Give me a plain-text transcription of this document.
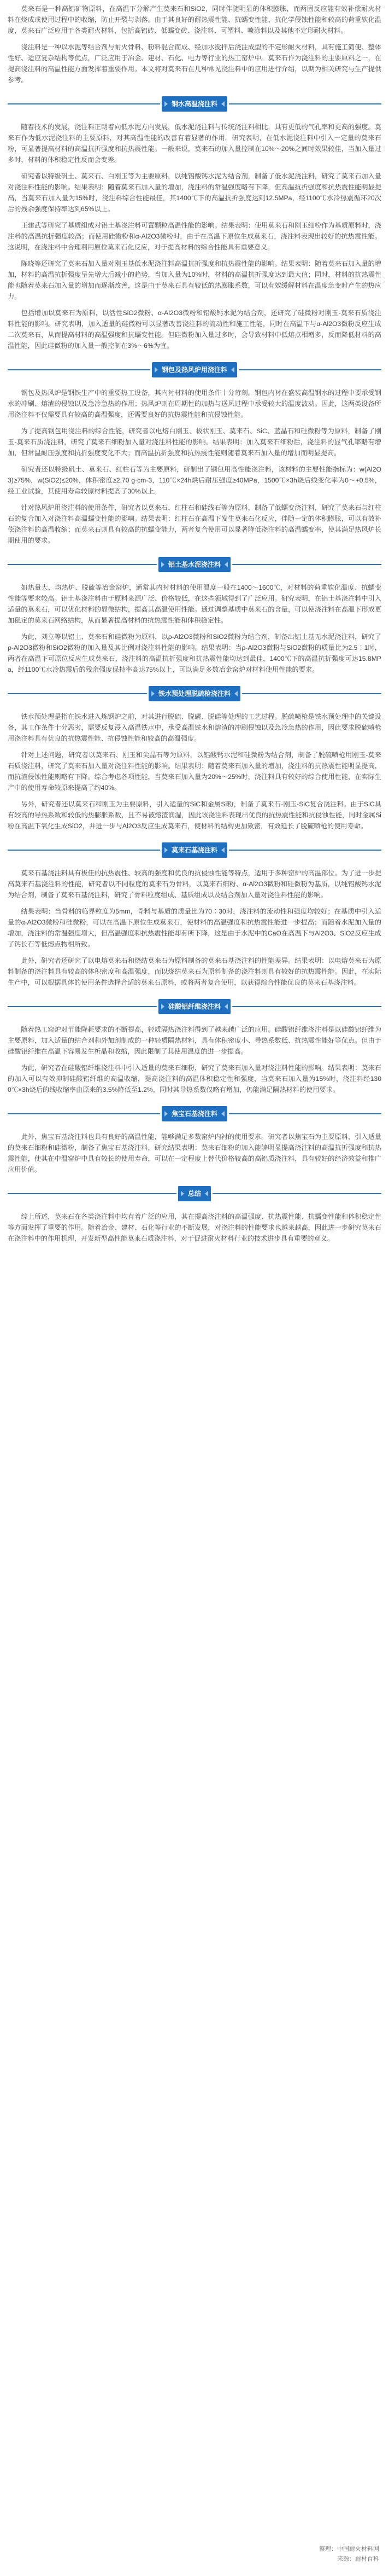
莫来石是一种高铝矿物原料，在高温下分解产生莫来石和SiO2，同时伴随明显的体积膨胀，而两固反应能有效补偿耐火材料在烧成或使用过程中的收缩，防止开裂与剥落。由于其良好的耐热震性能、抗蠕变性能、抗化学侵蚀性能和较高的荷重软化温度，莫来石广泛应用于各类耐火材料，包括高铝砖、低蠕变砖、浇注料、可塑料、喷涂料以及其他不定形耐火材料。

浇注料是一种以水泥等结合剂与耐火骨料、粉料混合而成、经加水搅拌后浇注成型的不定形耐火材料，具有施工简便、整体性好、适应复杂结构等优点，广泛应用于冶金、建材、石化、电力等行业的热工窑炉中。莫来石作为浇注料的主要原料之一，在提高浇注料的高温性能方面发挥着重要作用。本文将对莫来石在几种常见浇注料中的应用进行介绍，以期为相关研究与生产提供参考。

钢水高温浇注料

随着技术的发展，浇注料正朝着向低水泥方向发展，低水泥浇注料与传统浇注料相比，具有更低的气孔率和更高的强度。莫来石作为低水泥浇注料的主要原料，对其高温性能的改善有着显著的作用。研究表明，在低水泥浇注料中引入一定量的莫来石粉，可显著提高材料的高温抗折强度和抗热震性能。一般来说，莫来石的加入量控制在10%～20%之间时效果较佳，当加入量过多时，材料的体积稳定性反而会变差。

研究者以特级矾土、莫来石、白刚玉等为主要原料，以纯铝酸钙水泥为结合剂，制备了低水泥浇注料，研究了莫来石加入量对浇注料性能的影响。结果表明：随着莫来石加入量的增加，浇注料的常温强度略有下降，但高温抗折强度和抗热震性能明显提高，当莫来石加入量为15%时，浇注料综合性能最佳，其1400℃下的高温抗折强度达到12.5MPa，经1100℃水冷热震循环20次后的残余强度保持率达到65%以上。

王建武等研究了基质组成对铝土基浇注料可置颗粒高温性能的影响。结果表明：使用莫来石和刚玉细粉作为基质原料时，浇注料的高温抗折强度较高；而使用硅微粉和α-Al2O3微粉时，由于在高温下原位生成莫来石，浇注料表现出较好的抗热震性能。这说明，在浇注料中合理利用原位莫来石化反应，对于提高材料的综合性能具有重要意义。

陈晓等还研究了莫来石加入量对刚玉基低水泥浇注料高温抗折强度和抗热震性能的影响。结果表明：随着莫来石加入量的增加，材料的高温抗折强度呈先增大后减小的趋势，当加入量为10%时，材料的高温抗折强度达到最大值；同时，材料的抗热震性能也随着莫来石加入量的增加而逐渐改善，这是由于莫来石具有较低的热膨胀系数，可以有效缓解材料在温度急变时产生的热应力。

包括增加以莫来石为原料，以活性SiO2微粉、α-Al2O3微粉和铝酸钙水泥为结合剂，还研究了硅微粉对刚玉-莫来石质浇注料性能的影响。研究表明，加入适量的硅微粉可以显著改善浇注料的流动性和施工性能，同时在高温下与α-Al2O3微粉反应生成二次莫来石，从而提高材料的高温强度和抗蠕变性能。但硅微粉加入量过多时，会导致材料中低熔点相增多，反而降低材料的高温性能，因此硅微粉的加入量一般控制在3%～6%为宜。

钢包及热风炉用浇注料

钢包及热风炉是钢铁生产中的重要热工设备，其内衬材料的使用条件十分苛刻。钢包内衬在盛装高温钢水的过程中要承受钢水的冲刷、熔渣的侵蚀以及急冷急热的作用；热风炉则在周期性的加热与送风过程中承受较大的温度波动。因此，这两类设备所用浇注料不仅需要具有较高的高温强度，还需要良好的抗热震性能和抗侵蚀性能。

为了提高钢包用浇注料的综合性能，研究者以电熔白刚玉、板状刚玉、莫来石、SiC、蓝晶石和硅微粉等为原料，制备了刚玉-莫来石质浇注料，研究了莫来石细粉加入量对浇注料性能的影响。结果表明：加入莫来石细粉后，浇注料的显气孔率略有增加，但常温耐压强度和抗折强度变化不大；而高温抗折强度和抗热震性能则随着莫来石加入量的增加而明显提高。

研究者还以特级矾土、莫来石、红柱石等为主要原料，研制出了钢包用高性能浇注料，该材料的主要性能指标为：w(Al2O3)≥75%，w(SiO2)≤20%，体积密度≥2.70 g·cm-3，110℃×24h烘后耐压强度≥40MPa，1500℃×3h烧后线变化率为0～+0.5%，经工业试验，其使用寿命较原材料提高了30%以上。

针对热风炉用浇注料的使用条件，研究者以莫来石、红柱石和硅线石等为原料，制备了低蠕变浇注料，研究了莫来石与红柱石的复合加入对浇注料高温蠕变性能的影响。结果表明：红柱石在高温下发生莫来石化反应，伴随一定的体积膨胀，可以有效补偿浇注料的高温收缩；而莫来石则具有较高的抗蠕变能力，两者复合使用可以显著降低浇注料的高温蠕变率，使其满足热风炉长期使用的要求。

铝土基水泥浇注料

如热量大、均热炉、脱硫等冶金窑炉，通常其内衬材料的使用温度一般在1400～1600℃，对材料的荷重软化温度、抗蠕变性能等要求较高。铝土基浇注料由于原料来源广泛、价格较低，在这些领域得到了广泛应用。研究表明，在铝土基浇注料中引入适量的莫来石，可以优化材料的显微结构，提高其高温使用性能。通过调整基质中莫来石的含量，可以使浇注料在高温下形成更加稳定的莫来石网络结构，从而显著提高材料的抗热震性能和体积稳定性。

为此，刘立等以铝土、莫来石和硅微粉为原料，以ρ-Al2O3微粉和SiO2微粉为结合剂，制备出铝土基无水泥浇注料，研究了ρ-Al2O3微粉和SiO2微粉的加入量及其比例对浇注料性能的影响。结果表明：当ρ-Al2O3微粉与SiO2微粉的质量比为2.5∶1时，两者在高温下可原位反应生成莫来石，浇注料的高温抗折强度和抗热震性能均达到最佳，1400℃下的高温抗折强度可达15.8MPa，经1100℃水冷热震后的残余强度保持率高达75%以上，可以满足多数冶金窑炉对材料使用性能的要求。

铁水预处理脱硫枪浇注料

铁水预处理是指在铁水进入炼钢炉之前，对其进行脱硫、脱磷、脱硅等处理的工艺过程。脱硫喷枪是铁水预处理中的关键设备，其工作条件十分恶劣，需要反复浸入高温铁水中，承受高温铁水和熔渣的冲刷侵蚀以及急冷急热的作用，因此要求脱硫喷枪用浇注料具有优良的抗热震性能、抗侵蚀性能和较高的高温强度。

针对上述问题，研究者以莫来石、刚玉和尖晶石等为原料，以铝酸钙水泥和硅微粉为结合剂，制备了脱硫喷枪用刚玉-莫来石质浇注料，研究了莫来石加入量对浇注料性能的影响。结果表明：随着莫来石加入量的增加，浇注料的抗热震性能明显提高，而抗渣侵蚀性能则略有下降。综合考虑各项性能，当莫来石加入量为20%～25%时，浇注料具有较好的综合使用性能，在实际生产中的使用寿命较原来提高了约40%。

另外，研究者还以莫来石和刚玉为主要原料，引入适量的SiC和金属Si粉，制备了莫来石-刚玉-SiC复合浇注料。由于SiC具有较高的导热系数和较低的热膨胀系数，且不易被熔渣润湿，因此该浇注料表现出优良的抗热震性能和抗侵蚀性能，同时金属Si粉在高温下氧化生成SiO2，并进一步与Al2O3反应生成莫来石，使材料的结构更加致密，有效延长了脱硫喷枪的使用寿命。

莫来石基浇注料

莫来石基浇注料具有极佳的抗热震性、较高的强度和优良的抗侵蚀性能等特点，适用于多种窑炉的高温部位。为了进一步提高莫来石基浇注料的性能，研究者以不同粒度的莫来石为骨料，以莫来石细粉、α-Al2O3微粉和硅微粉为基质，以纯铝酸钙水泥为结合剂，制备了莫来石基浇注料，研究了骨料粒度组成、基质组成以及结合剂加入量对浇注料性能的影响。

结果表明：当骨料的临界粒度为5mm，骨料与基质的质量比为70∶30时，浇注料的流动性和强度均较好；在基质中引入适量的α-Al2O3微粉和硅微粉，可以在高温下原位生成莫来石，使材料的高温强度和抗热震性能进一步提高；而随着水泥加入量的增加，浇注料的常温强度增大，但高温强度和抗热震性能却有所下降，这是由于水泥中的CaO在高温下与Al2O3、SiO2反应生成了钙长石等低熔点物相所致。

此外，研究者还研究了以电熔莫来石和烧结莫来石为原料制备的莫来石基浇注料的性能差异。结果表明：以电熔莫来石为原料制备的浇注料具有较高的体积密度和高温强度，而以烧结莫来石为原料制备的浇注料则具有较好的抗热震性能。因此，在实际生产中，可以根据具体的使用条件选择合适的莫来石原料，或将两者复合使用，以获得综合性能优良的莫来石基浇注料。

硅酸铝纤维浇注料

随着热工窑炉对节能降耗要求的不断提高，轻质隔热浇注料得到了越来越广泛的应用。硅酸铝纤维浇注料是以硅酸铝纤维为主要原料，加入适量的结合剂和外加剂制成的一种轻质隔热材料，具有体积密度小、导热系数低、抗热震性能好等优点。但由于硅酸铝纤维在高温下容易发生析晶和收缩，因此限制了其使用温度的进一步提高。

为此，研究者在硅酸铝纤维浇注料中引入适量的莫来石细粉，研究了莫来石加入量对浇注料性能的影响。结果表明：莫来石的加入可以有效抑制硅酸铝纤维的高温收缩，提高浇注料的高温体积稳定性和强度，当莫来石加入量为15%时，浇注料经1300℃×3h烧后的线收缩率由原来的3.5%降低至1.2%，同时其导热系数仅略有增加，仍能满足隔热材料的使用要求。

焦宝石基浇注料

此外，焦宝石基浇注料也具有良好的高温性能，能够满足多数窑炉内衬的使用要求。研究者以焦宝石为主要原料，引入适量的莫来石细粉和硅微粉，制备了焦宝石基浇注料，研究结果表明：莫来石细粉的加入能够明显提高浇注料的高温抗折强度和抗热震性能，使其在中温窑炉中具有较长的使用寿命，可以在一定程度上替代价格较高的高铝质浇注料，具有较好的经济效益和推广应用价值。

总结

综上所述，莫来石在各类浇注料中均有着广泛的应用，其在提高浇注料的高温强度、抗热震性能、抗蠕变性能和体积稳定性等方面发挥了重要的作用。随着冶金、建材、石化等行业的不断发展，对浇注料的性能要求也越来越高，因此进一步研究莫来石在浇注料中的作用机理，开发新型高性能莫来石质浇注料，对于促进耐火材料行业的技术进步具有重要的意义。

整理：中国耐火材料网
来源：耐材百科
